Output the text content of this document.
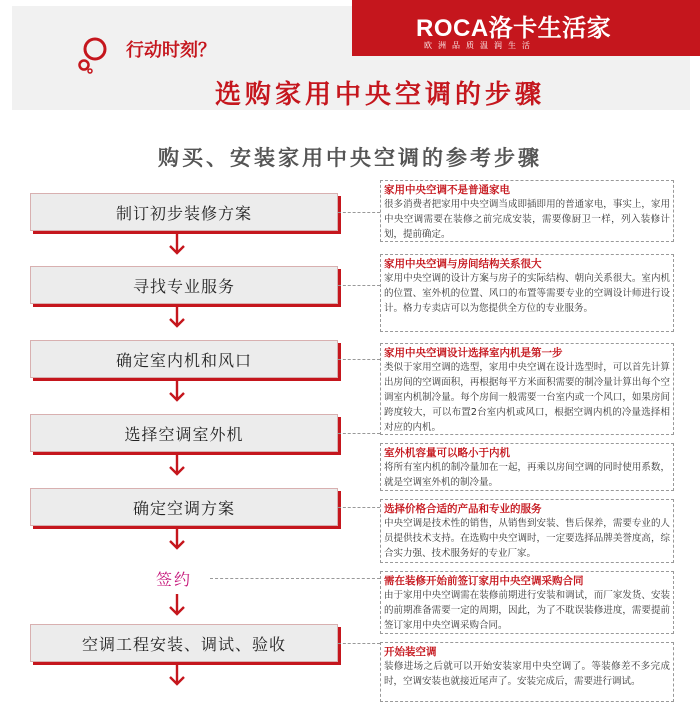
ROCA洛卡生活家
欧洲品质温润生活
行动时刻？
选购家用中央空调的步骤
购买、安装家用中央空调的参考步骤
制订初步装修方案
寻找专业服务
确定室内机和风口
选择空调室外机
确定空调方案
签约
空调工程安装、调试、验收
家用中央空调不是普通家电
很多消费者把家用中央空调当成即插即用的普通家电，事实上，家用中央空调需要在装修之前完成安装，需要像厨卫一样，列入装修计划，提前确定。
家用中央空调与房间结构关系很大
家用中央空调的设计方案与房子的实际结构、朝向关系很大。室内机的位置、室外机的位置、风口的布置等需要专业的空调设计师进行设计。格力专卖店可以为您提供全方位的专业服务。
家用中央空调设计选择室内机是第一步
类似于家用空调的选型，家用中央空调在设计选型时，可以首先计算出房间的空调面积，再根据每平方米面积需要的制冷量计算出每个空调室内机制冷量。每个房间一般需要一台室内或一个风口，如果房间跨度较大，可以布置2台室内机或风口，根据空调内机的冷量选择相对应的内机。
室外机容量可以略小于内机
将所有室内机的制冷量加在一起，再乘以房间空调的同时使用系数，就是空调室外机的制冷量。
选择价格合适的产品和专业的服务
中央空调是技术性的销售，从销售到安装、售后保养，需要专业的人员提供技术支持。在选购中央空调时，一定要选择品牌美誉度高，综合实力强、技术服务好的专业厂家。
需在装修开始前签订家用中央空调采购合同
由于家用中央空调需在装修前期进行安装和调试，而厂家发货、安装的前期准备需要一定的周期，因此，为了不耽误装修进度，需要提前签订家用中央空调采购合同。
开始装空调
装修进场之后就可以开始安装家用中央空调了。等装修差不多完成时，空调安装也就接近尾声了。安装完成后，需要进行调试。
